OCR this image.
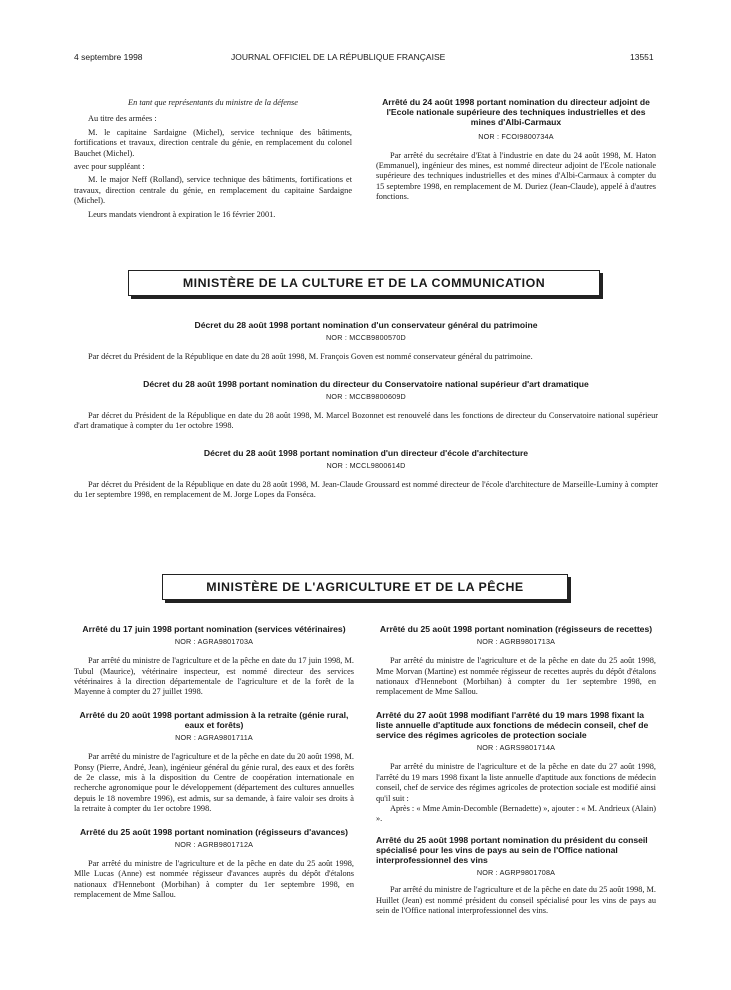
4 septembre 1998	JOURNAL OFFICIEL DE LA RÉPUBLIQUE FRANÇAISE	13551

En tant que représentants du ministre de la défense

Au titre des armées :

M. le capitaine Sardaigne (Michel), service technique des bâtiments, fortifications et travaux, direction centrale du génie, en remplacement du colonel Bauchet (Michel).

avec pour suppléant :

M. le major Neff (Rolland), service technique des bâtiments, fortifications et travaux, direction centrale du génie, en remplacement du capitaine Sardaigne (Michel).

Leurs mandats viendront à expiration le 16 février 2001.

Arrêté du 24 août 1998 portant nomination du directeur adjoint de l'Ecole nationale supérieure des techniques industrielles et des mines d'Albi-Carmaux

NOR : FCOI9800734A

Par arrêté du secrétaire d'Etat à l'industrie en date du 24 août 1998, M. Haton (Emmanuel), ingénieur des mines, est nommé directeur adjoint de l'Ecole nationale supérieure des techniques industrielles et des mines d'Albi-Carmaux à compter du 15 septembre 1998, en remplacement de M. Duriez (Jean-Claude), appelé à d'autres fonctions.

MINISTÈRE DE LA CULTURE ET DE LA COMMUNICATION

Décret du 28 août 1998 portant nomination d'un conservateur général du patrimoine

NOR : MCCB9800570D

Par décret du Président de la République en date du 28 août 1998, M. François Goven est nommé conservateur général du patrimoine.

Décret du 28 août 1998 portant nomination du directeur du Conservatoire national supérieur d'art dramatique

NOR : MCCB9800609D

Par décret du Président de la République en date du 28 août 1998, M. Marcel Bozonnet est renouvelé dans les fonctions de directeur du Conservatoire national supérieur d'art dramatique à compter du 1er octobre 1998.

Décret du 28 août 1998 portant nomination d'un directeur d'école d'architecture

NOR : MCCL9800614D

Par décret du Président de la République en date du 28 août 1998, M. Jean-Claude Groussard est nommé directeur de l'école d'architecture de Marseille-Luminy à compter du 1er septembre 1998, en remplacement de M. Jorge Lopes da Fonséca.

MINISTÈRE DE L'AGRICULTURE ET DE LA PÊCHE

Arrêté du 17 juin 1998 portant nomination (services vétérinaires)

NOR : AGRA9801703A

Par arrêté du ministre de l'agriculture et de la pêche en date du 17 juin 1998, M. Tubul (Maurice), vétérinaire inspecteur, est nommé directeur des services vétérinaires à la direction départementale de l'agriculture et de la forêt de la Mayenne à compter du 27 juillet 1998.

Arrêté du 20 août 1998 portant admission à la retraite (génie rural, eaux et forêts)

NOR : AGRA9801711A

Par arrêté du ministre de l'agriculture et de la pêche en date du 20 août 1998, M. Ponsy (Pierre, André, Jean), ingénieur général du génie rural, des eaux et des forêts de 2e classe, mis à la disposition du Centre de coopération internationale en recherche agronomique pour le développement (département des cultures annuelles depuis le 18 novembre 1996), est admis, sur sa demande, à faire valoir ses droits à la retraite à compter du 1er octobre 1998.

Arrêté du 25 août 1998 portant nomination (régisseurs d'avances)

NOR : AGRB9801712A

Par arrêté du ministre de l'agriculture et de la pêche en date du 25 août 1998, Mlle Lucas (Anne) est nommée régisseur d'avances auprès du dépôt d'étalons nationaux d'Hennebont (Morbihan) à compter du 1er septembre 1998, en remplacement de Mme Sallou.

Arrêté du 25 août 1998 portant nomination (régisseurs de recettes)

NOR : AGRB9801713A

Par arrêté du ministre de l'agriculture et de la pêche en date du 25 août 1998, Mme Morvan (Martine) est nommée régisseur de recettes auprès du dépôt d'étalons nationaux d'Hennebont (Morbihan) à compter du 1er septembre 1998, en remplacement de Mme Sallou.

Arrêté du 27 août 1998 modifiant l'arrêté du 19 mars 1998 fixant la liste annuelle d'aptitude aux fonctions de médecin conseil, chef de service des régimes agricoles de protection sociale

NOR : AGRS9801714A

Par arrêté du ministre de l'agriculture et de la pêche en date du 27 août 1998, l'arrêté du 19 mars 1998 fixant la liste annuelle d'aptitude aux fonctions de médecin conseil, chef de service des régimes agricoles de protection sociale est modifié ainsi qu'il suit :

Après : « Mme Amin-Decomble (Bernadette) », ajouter : « M. Andrieux (Alain) ».

Arrêté du 25 août 1998 portant nomination du président du conseil spécialisé pour les vins de pays au sein de l'Office national interprofessionnel des vins

NOR : AGRP9801708A

Par arrêté du ministre de l'agriculture et de la pêche en date du 25 août 1998, M. Huillet (Jean) est nommé président du conseil spécialisé pour les vins de pays au sein de l'Office national interprofessionnel des vins.
